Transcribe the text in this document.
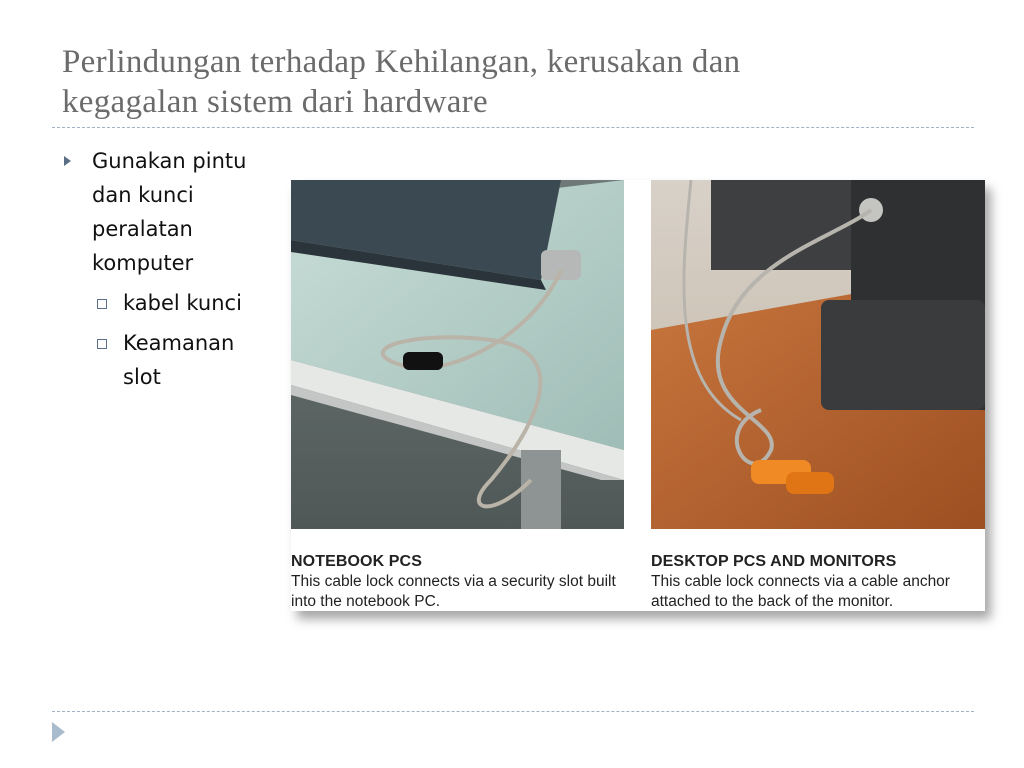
Perlindungan terhadap Kehilangan, kerusakan dan
kegagalan sistem dari hardware
Gunakan pintu dan kunci peralatan komputer
kabel kunci
Keamanan slot
NOTEBOOK PCS
This cable lock connects via a security slot built into the notebook PC.
DESKTOP PCS AND MONITORS
This cable lock connects via a cable anchor attached to the back of the monitor.
